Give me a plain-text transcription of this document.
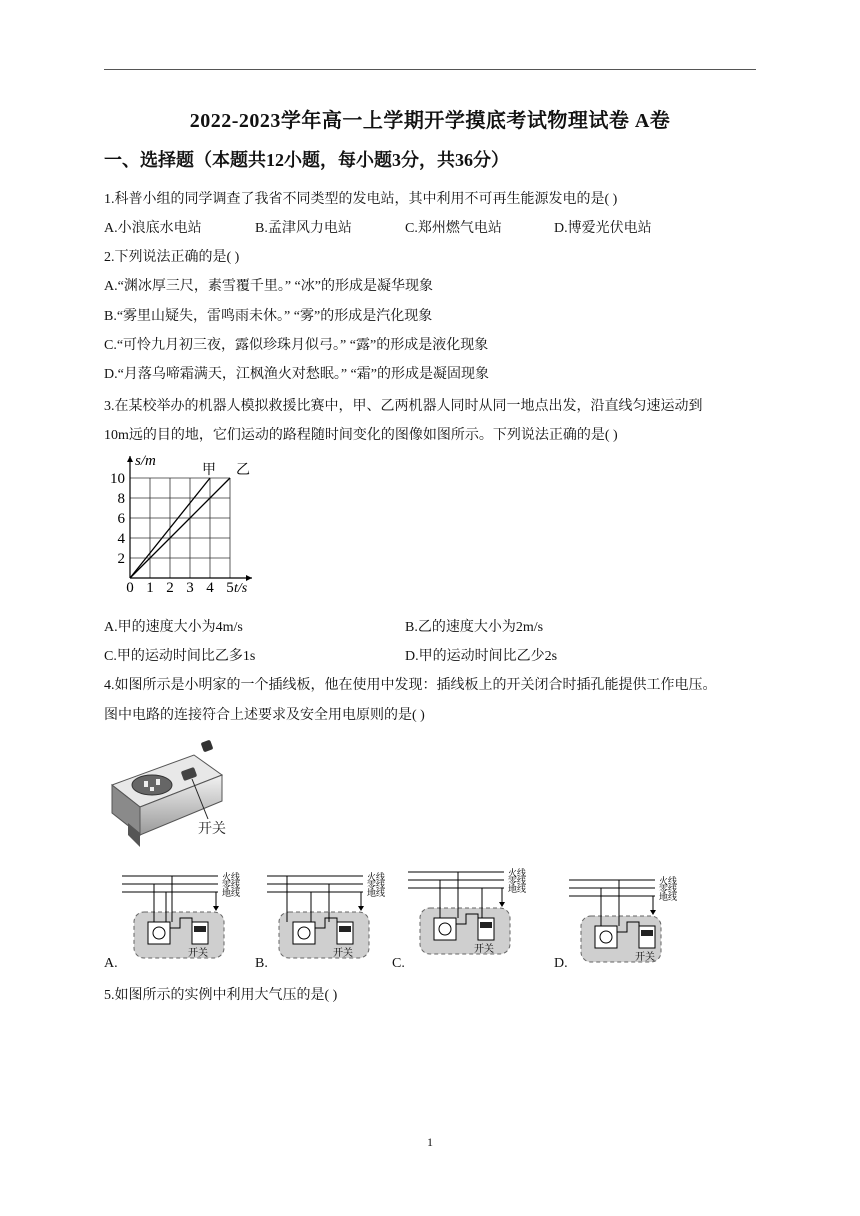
2022-2023学年高一上学期开学摸底考试物理试卷 A卷
一、选择题（本题共12小题，每小题3分，共36分）
1.科普小组的同学调查了我省不同类型的发电站，其中利用不可再生能源发电的是( )
A.小浪底水电站	B.孟津风力电站	C.郑州燃气电站	D.博爱光伏电站
2.下列说法正确的是( )
A.“渊冰厚三尺，素雪覆千里。” “冰”的形成是凝华现象
B.“雾里山疑失，雷鸣雨未休。” “雾”的形成是汽化现象
C.“可怜九月初三夜，露似珍珠月似弓。” “露”的形成是液化现象
D.“月落乌啼霜满天，江枫渔火对愁眠。” “霜”的形成是凝固现象
3.在某校举办的机器人模拟救援比赛中，甲、乙两机器人同时从同一地点出发，沿直线匀速运动到
10m远的目的地，它们运动的路程随时间变化的图像如图所示。下列说法正确的是( )
0 1 2 3 4 5
2
4
6
8
10
t/s
s/m
甲 乙
A.甲的速度大小为4m/s	B.乙的速度大小为2m/s
C.甲的运动时间比乙多1s	D.甲的运动时间比乙少2s
4.如图所示是小明家的一个插线板，他在使用中发现：插线板上的开关闭合时插孔能提供工作电压。
图中电路的连接符合上述要求及安全用电原则的是( )
开关
火线
零线
地线
开关
火线
零线
地线
开关
火线
零线
地线
开关
火线
零线
地线
开关
A.	B.	C.	D.
5.如图所示的实例中利用大气压的是( )
1
